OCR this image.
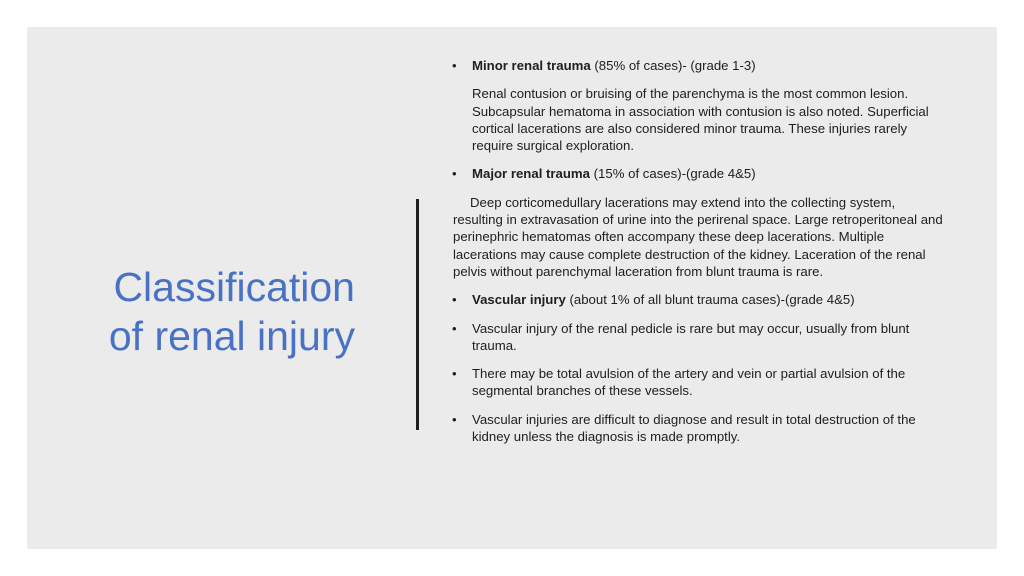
Classification
of renal injury
• Minor renal trauma (85% of cases)- (grade 1-3)
Renal contusion or bruising of the parenchyma is the most common lesion. Subcapsular hematoma in association with contusion is also noted. Superficial cortical lacerations are also considered minor trauma. These injuries rarely require surgical exploration.
• Major renal trauma (15% of cases)-(grade 4&5)
Deep corticomedullary lacerations may extend into the collecting system, resulting in extravasation of urine into the perirenal space. Large retroperitoneal and perinephric hematomas often accompany these deep lacerations. Multiple lacerations may cause complete destruction of the kidney. Laceration of the renal pelvis without parenchymal laceration from blunt trauma is rare.
• Vascular injury (about 1% of all blunt trauma cases)-(grade 4&5)
• Vascular injury of the renal pedicle is rare but may occur, usually from blunt trauma.
• There may be total avulsion of the artery and vein or partial avulsion of the segmental branches of these vessels.
• Vascular injuries are difficult to diagnose and result in total destruction of the kidney unless the diagnosis is made promptly.
